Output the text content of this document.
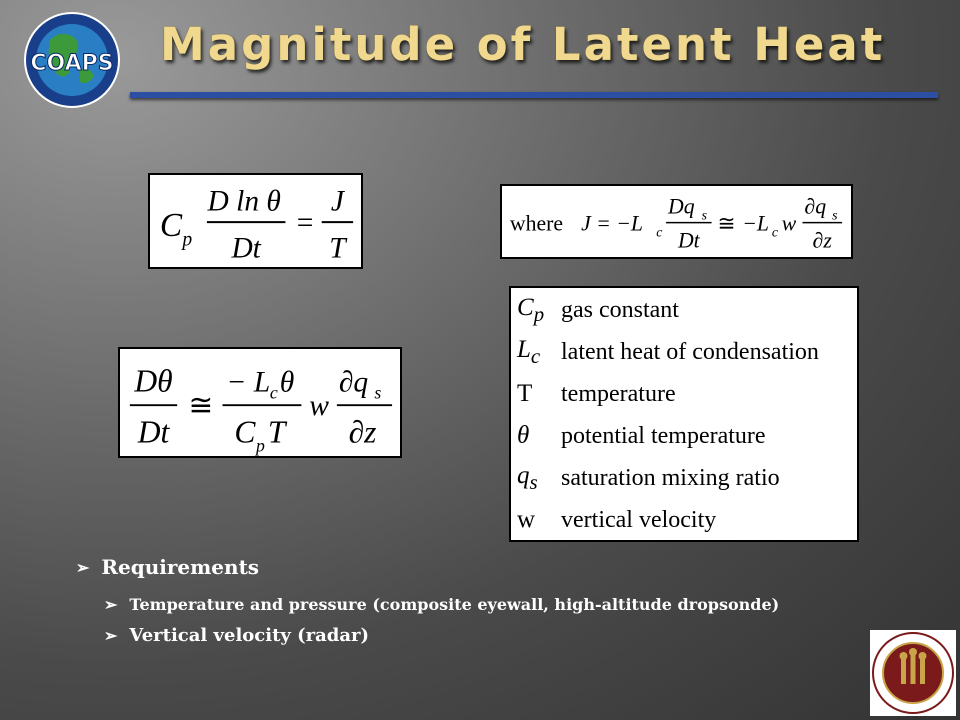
COAPS Magnitude of Latent Heat
C p
D ln θ
Dt
=
J
T
where J = −L c
Dq s
Dt
≅ −L c w
∂q s
∂z
Dθ
Dt
≅
− L c θ
C p T
w
∂q s
∂z
$C_p$ gas constant
$L_c$ latent heat of condensation
T	temperature
θ	potential temperature
$q_s$ saturation mixing ratio
w	vertical velocity
➢ Requirements
➢ Temperature and pressure (composite eyewall, high-altitude dropsonde)
➢ Vertical velocity (radar)
1851
